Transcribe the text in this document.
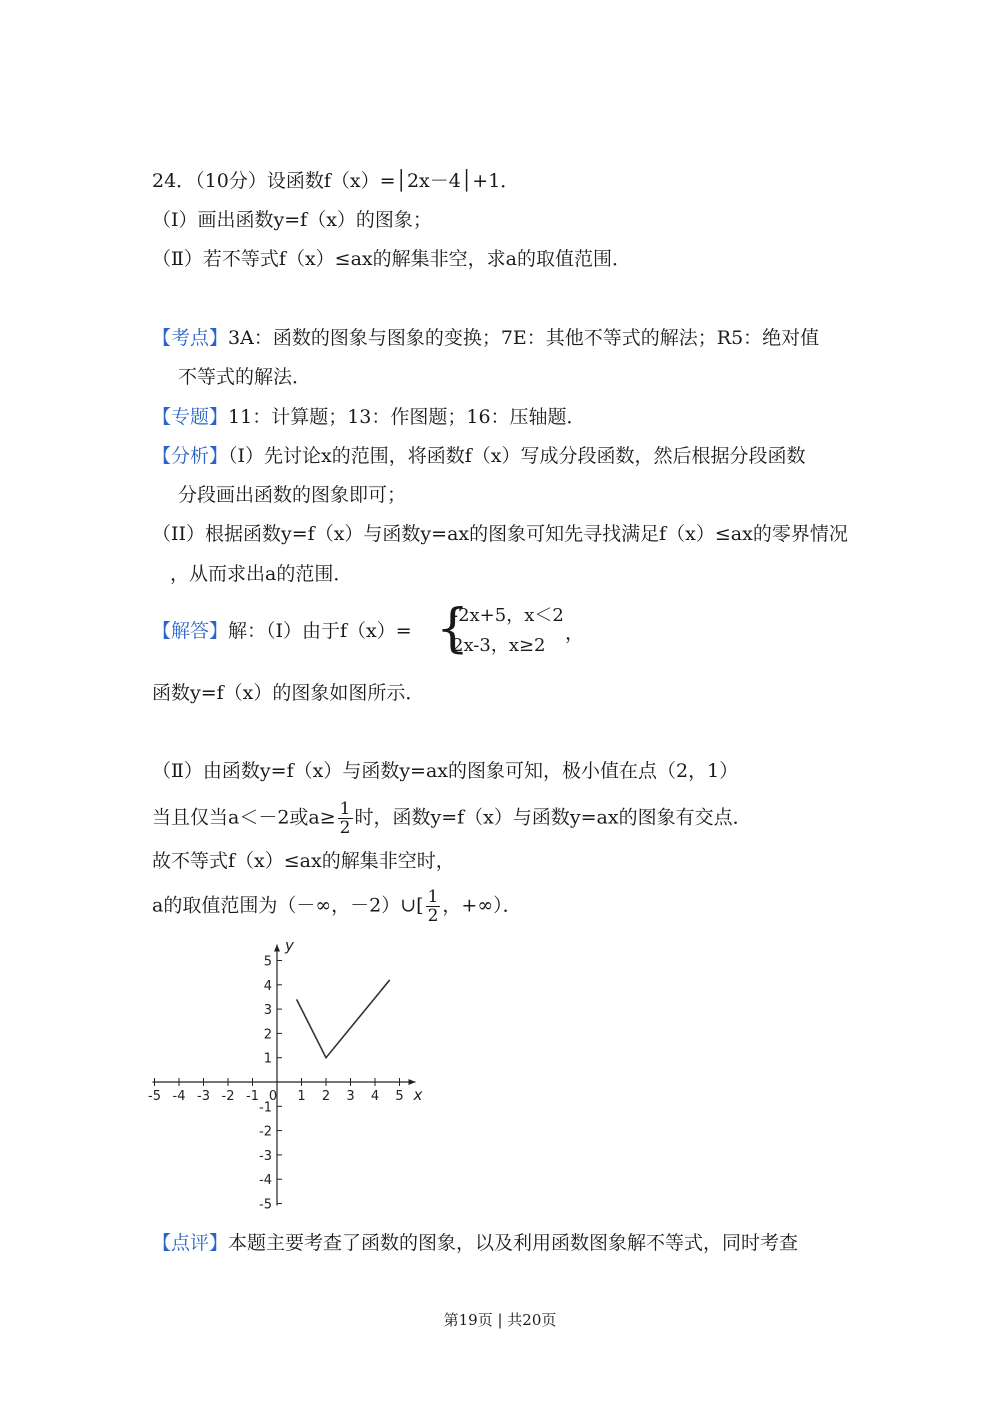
24．（10分）设函数f（x）=│2x－4│+1．
（Ⅰ）画出函数y=f（x）的图象；
（Ⅱ）若不等式f（x）≤ax的解集非空，求a的取值范围．
【考点】3A：函数的图象与图象的变换；7E：其他不等式的解法；R5：绝对值
不等式的解法．
【专题】11：计算题；13：作图题；16：压轴题．
【分析】（I）先讨论x的范围，将函数f（x）写成分段函数，然后根据分段函数
分段画出函数的图象即可；
（II）根据函数y=f（x）与函数y=ax的图象可知先寻找满足f（x）≤ax的零界情况
，从而求出a的范围．
【解答】解：（Ⅰ）由于f（x）= {
-2x+5，x＜2
2x-3，x≥2
，
函数y=f（x）的图象如图所示．
（Ⅱ）由函数y=f（x）与函数y=ax的图象可知，极小值在点（2，1）
当且仅当a＜－2或$a\ge \frac{1}{2}$ 时，函数y=f（x）与函数y=ax的图象有交点．
故不等式f（x）≤ax的解集非空时，
a的取值范围为（－∞，－2）∪[ $\frac{1}{2}$ ，+∞）．
x
y
-5 -4 -3 -2 -1 0 1 2 3 4 5
5
4
3
2
1
-1
-2
-3
-4
-5
【点评】本题主要考查了函数的图象，以及利用函数图象解不等式，同时考查
第19页 | 共20页
